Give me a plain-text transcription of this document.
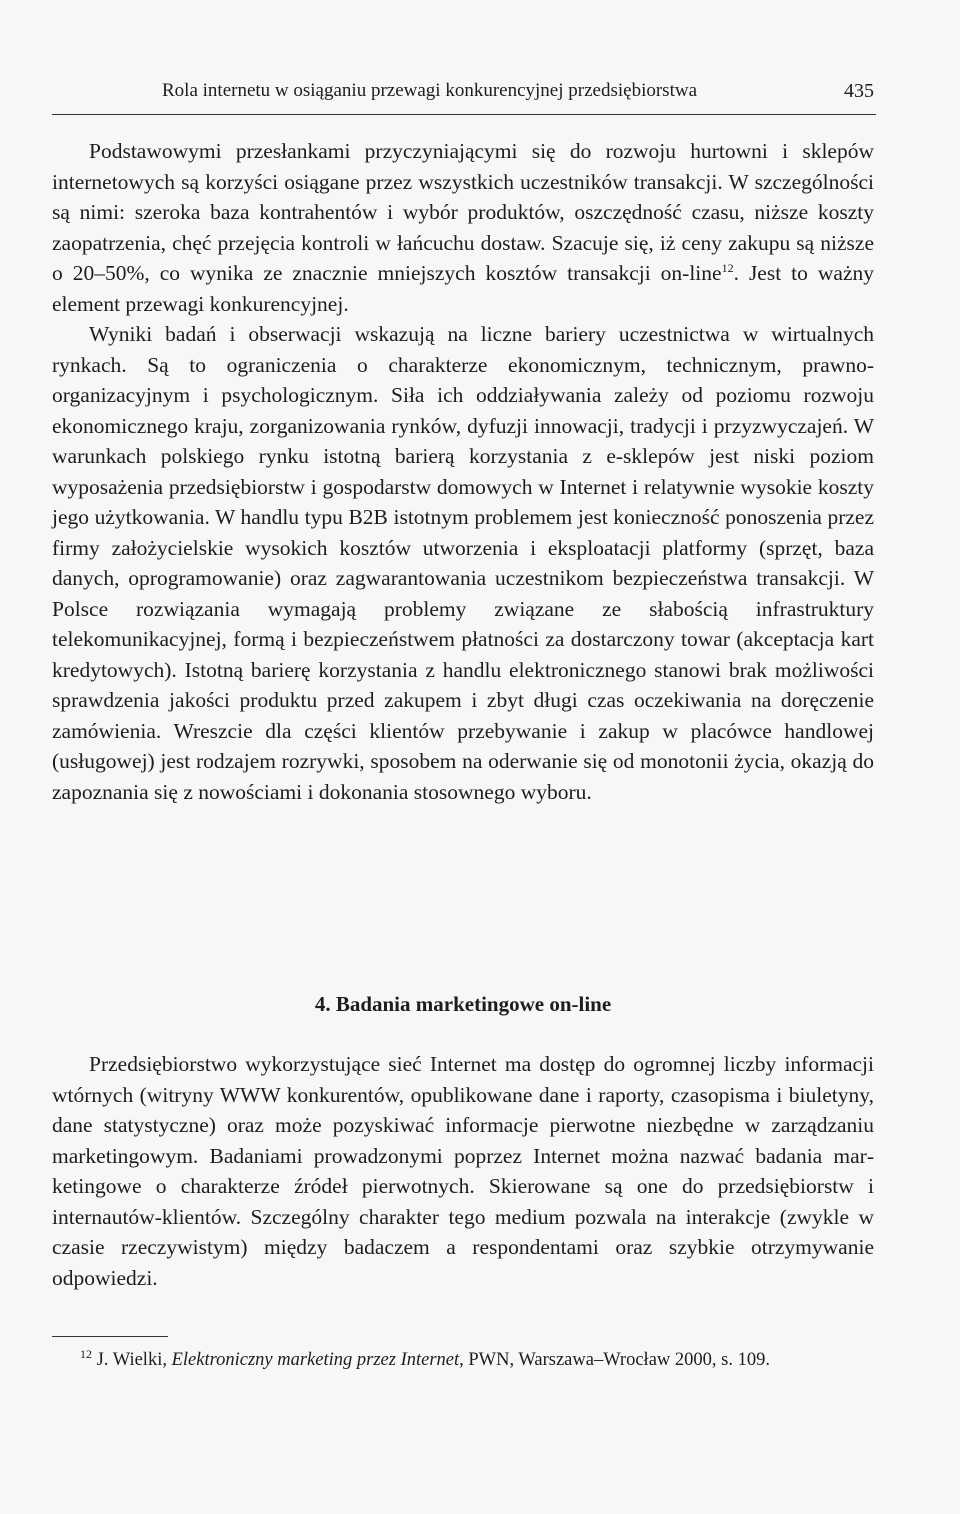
Rola internetu w osiąganiu przewagi konkurencyjnej przedsiębiorstwa	435

Podstawowymi przesłankami przyczyniającymi się do rozwoju hurtowni i sklepów internetowych są korzyści osiągane przez wszystkich uczestników transakcji. W szczególności są nimi: szeroka baza kontrahentów i wybór produktów, oszczędność czasu, niższe koszty zaopatrzenia, chęć przejęcia kontroli w łańcuchu dostaw. Szacuje się, iż ceny zakupu są niższe o 20–50%, co wynika ze znacznie mniejszych kosztów transakcji on-line$^{12}$. Jest to ważny element przewagi konkurencyjnej.

Wyniki badań i obserwacji wskazują na liczne bariery uczestnictwa w wirtualnych rynkach. Są to ograniczenia o charakterze ekonomicznym, technicznym, prawno-organizacyjnym i psychologicznym. Siła ich oddziaływania zależy od poziomu rozwoju ekonomicznego kraju, zorganizowania rynków, dyfuzji innowacji, tradycji i przyzwyczajeń. W warunkach polskiego rynku istotną barierą korzystania z e-sklepów jest niski poziom wyposażenia przedsiębiorstw i gospodarstw domowych w Internet i relatywnie wysokie koszty jego użytkowania. W handlu typu B2B istotnym problemem jest konieczność ponoszenia przez firmy założycielskie wysokich kosztów utworzenia i eksploatacji platformy (sprzęt, baza danych, oprogramowanie) oraz zagwarantowania uczestnikom bezpieczeństwa transakcji. W Polsce rozwiązania wymagają problemy związane ze słabością infrastruktury telekomunikacyjnej, formą i bezpieczeństwem płatności za dostarczony towar (akceptacja kart kredytowych). Istotną barierę korzystania z handlu elektronicznego stanowi brak możliwości sprawdzenia jakości produktu przed zakupem i zbyt długi czas oczekiwania na doręczenie zamówienia. Wreszcie dla części klientów przebywanie i zakup w placówce handlowej (usługowej) jest rodzajem rozrywki, sposobem na oderwanie się od monotonii życia, okazją do zapoznania się z nowościami i dokonania stosownego wyboru.

4. Badania marketingowe on-line

Przedsiębiorstwo wykorzystujące sieć Internet ma dostęp do ogromnej liczby informacji wtórnych (witryny WWW konkurentów, opublikowane dane i raporty, czasopisma i biuletyny, dane statystyczne) oraz może pozyskiwać informacje pierwotne niezbędne w zarządzaniu marketingowym. Badaniami prowadzonymi poprzez Internet można nazwać badania marketingowe o charakterze źródeł pierwotnych. Skierowane są one do przedsiębiorstw i internautów-klientów. Szczególny charakter tego medium pozwala na interakcje (zwykle w czasie rzeczywistym) między badaczem a respondentami oraz szybkie otrzymywanie odpowiedzi.

$^{12}$ J. Wielki, Elektroniczny marketing przez Internet, PWN, Warszawa–Wrocław 2000, s. 109.
